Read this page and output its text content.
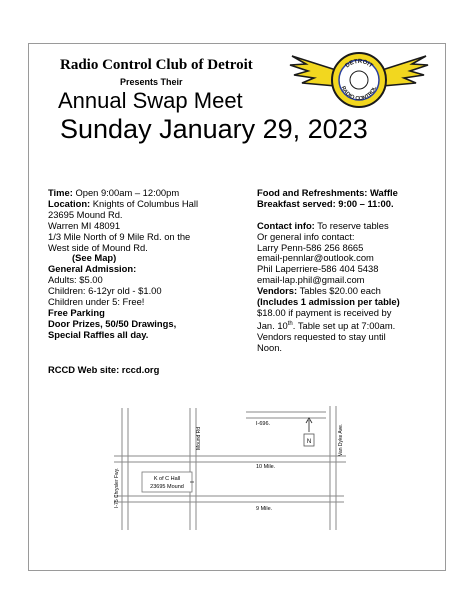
Radio Control Club of Detroit
Presents Their
Annual Swap Meet
Sunday January 29, 2023
DETROIT
RADIO CONTROL
Time: Open 9:00am – 12:00pm
Location: Knights of Columbus Hall
23695 Mound Rd.
Warren MI 48091
1/3 Mile North of 9 Mile Rd. on the
West side of Mound Rd.
(See Map)
General Admission:
Adults: $5.00
Children: 6-12yr old - $1.00
Children under 5: Free!
Free Parking
Door Prizes, 50/50 Drawings,
Special Raffles all day.
RCCD Web site: rccd.org
Food and Refreshments: Waffle
Breakfast served: 9:00 – 11:00.

Contact info: To reserve tables
Or general info contact:
Larry Penn-586 256 8665
email-pennlar@outlook.com
Phil Laperriere-586 404 5438
email-lap.phil@gmail.com
Vendors: Tables $20.00 each
(Includes 1 admission per table)
$18.00 if payment is received by
Jan. 10th. Table set up at 7:00am.
Vendors requested to stay until
Noon.
I-696.
10 Mile.
9 Mile.
I-75 Chrysler Fwy.
Mound Rd	Van Dyke Ave.
N
K of C Hall
23695 Mound
